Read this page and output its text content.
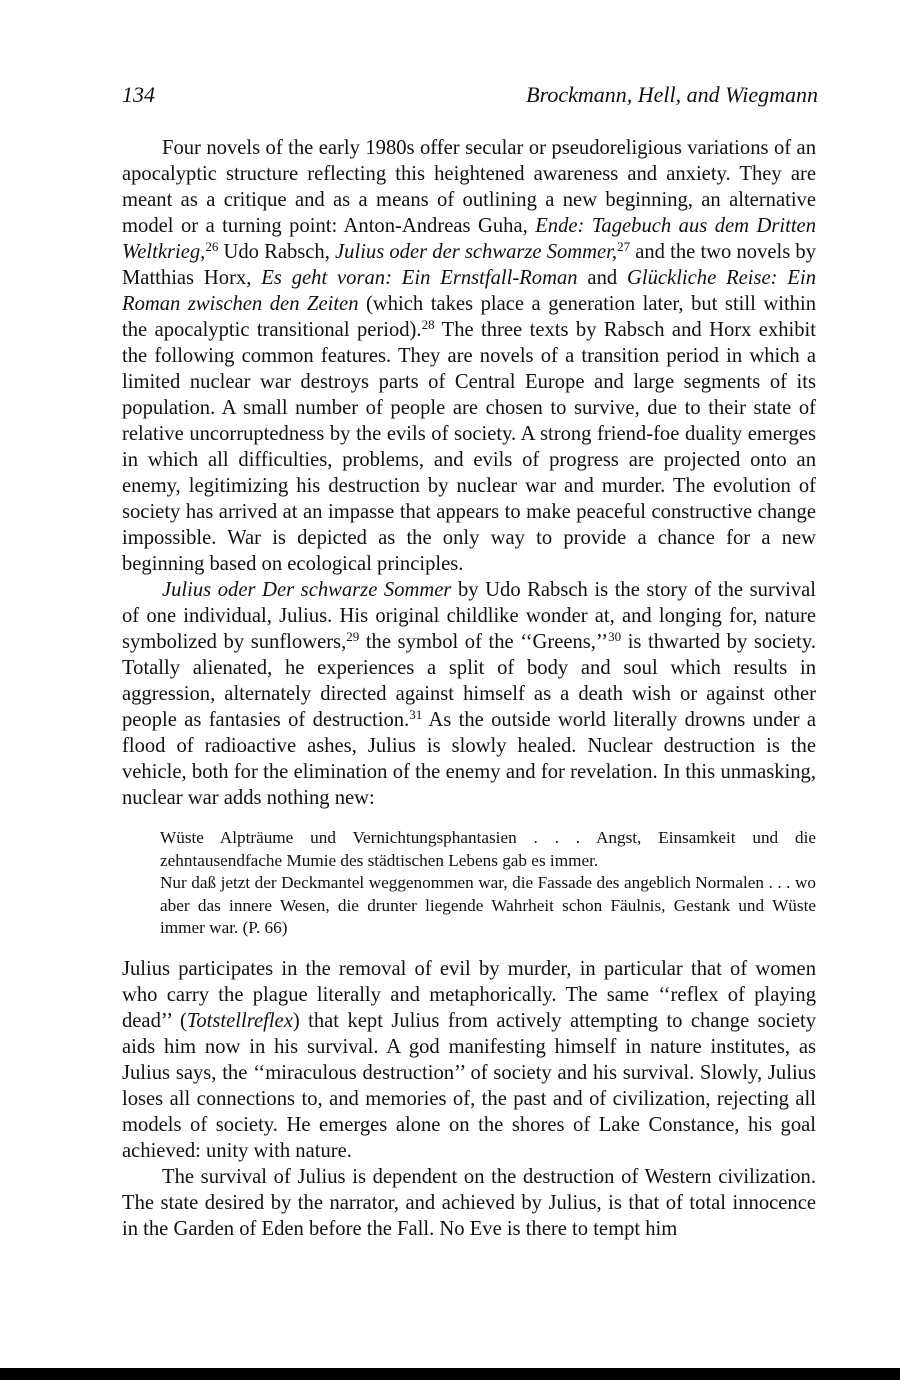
134	Brockmann, Hell, and Wiegmann

Four novels of the early 1980s offer secular or pseudoreligious variations of an apocalyptic structure reflecting this heightened awareness and anxiety. They are meant as a critique and as a means of outlining a new beginning, an alternative model or a turning point: Anton-Andreas Guha, Ende: Tagebuch aus dem Dritten Weltkrieg,$^{26}$ Udo Rabsch, Julius oder der schwarze Sommer,$^{27}$ and the two novels by Matthias Horx, Es geht voran: Ein Ernstfall-Roman and Glückliche Reise: Ein Roman zwischen den Zeiten (which takes place a generation later, but still within the apocalyptic transitional period).$^{28}$ The three texts by Rabsch and Horx exhibit the following common features. They are novels of a transition period in which a limited nuclear war destroys parts of Central Europe and large segments of its population. A small number of people are chosen to survive, due to their state of relative uncorruptedness by the evils of society. A strong friend-foe duality emerges in which all difficulties, problems, and evils of progress are projected onto an enemy, legitimizing his destruction by nuclear war and murder. The evolution of society has arrived at an impasse that appears to make peaceful constructive change impossible. War is depicted as the only way to provide a chance for a new beginning based on ecological principles.

Julius oder Der schwarze Sommer by Udo Rabsch is the story of the survival of one individual, Julius. His original childlike wonder at, and longing for, nature symbolized by sunflowers,$^{29}$ the symbol of the ‘‘Greens,’’$^{30}$ is thwarted by society. Totally alienated, he experiences a split of body and soul which results in aggression, alternately directed against himself as a death wish or against other people as fantasies of destruction.$^{31}$ As the outside world literally drowns under a flood of radioactive ashes, Julius is slowly healed. Nuclear destruction is the vehicle, both for the elimination of the enemy and for revelation. In this unmasking, nuclear war adds nothing new:

Wüste Alpträume und Vernichtungsphantasien . . . Angst, Einsamkeit und die zehntausendfache Mumie des städtischen Lebens gab es immer.
Nur daß jetzt der Deckmantel weggenommen war, die Fassade des angeblich Normalen . . . wo aber das innere Wesen, die drunter liegende Wahrheit schon Fäulnis, Gestank und Wüste immer war. (P. 66)

Julius participates in the removal of evil by murder, in particular that of women who carry the plague literally and metaphorically. The same ‘‘reflex of playing dead’’ (Totstellreflex) that kept Julius from actively attempting to change society aids him now in his survival. A god manifesting himself in nature institutes, as Julius says, the ‘‘miraculous destruction’’ of society and his survival. Slowly, Julius loses all connections to, and memories of, the past and of civilization, rejecting all models of society. He emerges alone on the shores of Lake Constance, his goal achieved: unity with nature.

The survival of Julius is dependent on the destruction of Western civilization. The state desired by the narrator, and achieved by Julius, is that of total innocence in the Garden of Eden before the Fall. No Eve is there to tempt him
